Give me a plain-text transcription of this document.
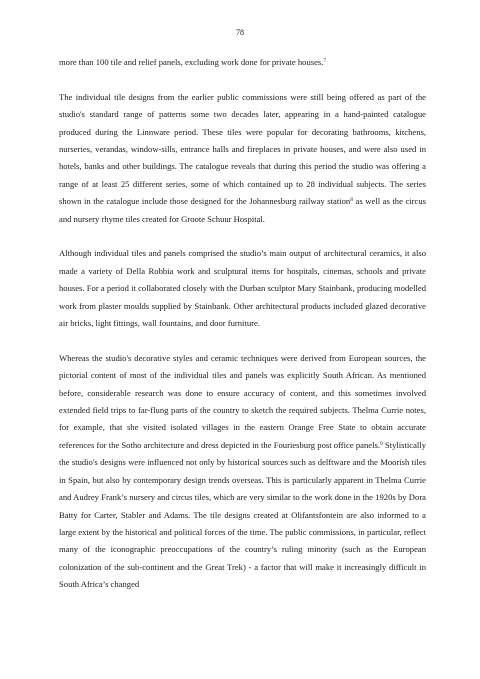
78

more than 100 tile and relief panels, excluding work done for private houses.$^7$

The individual tile designs from the earlier public commissions were still being offered as part of the studio's standard range of patterns some two decades later, appearing in a hand-painted catalogue produced during the Linnware period. These tiles were popular for decorating bathrooms, kitchens, nurseries, verandas, window-sills, entrance halls and fireplaces in private houses, and were also used in hotels, banks and other buildings. The catalogue reveals that during this period the studio was offering a range of at least 25 different series, some of which contained up to 28 individual subjects. The series shown in the catalogue include those designed for the Johannesburg railway station$^8$ as well as the circus and nursery rhyme tiles created for Groote Schuur Hospital.

Although individual tiles and panels comprised the studio’s main output of architectural ceramics, it also made a variety of Della Robbia work and sculptural items for hospitals, cinemas, schools and private houses. For a period it collaborated closely with the Durban sculptor Mary Stainbank, producing modelled work from plaster moulds supplied by Stainbank. Other architectural products included glazed decorative air bricks, light fittings, wall fountains, and door furniture.

Whereas the studio's decorative styles and ceramic techniques were derived from European sources, the pictorial content of most of the individual tiles and panels was explicitly South African. As mentioned before, considerable research was done to ensure accuracy of content, and this sometimes involved extended field trips to far-flung parts of the country to sketch the required subjects. Thelma Currie notes, for example, that she visited isolated villages in the eastern Orange Free State to obtain accurate references for the Sotho architecture and dress depicted in the Fouriesburg post office panels.$^9$ Stylistically the studio's designs were influenced not only by historical sources such as delftware and the Moorish tiles in Spain, but also by contemporary design trends overseas. This is particularly apparent in Thelma Currie and Audrey Frank’s nursery and circus tiles, which are very similar to the work done in the 1920s by Dora Batty for Carter, Stabler and Adams. The tile designs created at Olifantsfontein are also informed to a large extent by the historical and political forces of the time. The public commissions, in particular, reflect many of the iconographic preoccupations of the country’s ruling minority (such as the European colonization of the sub-continent and the Great Trek) - a factor that will make it increasingly difficult in South Africa’s changed
